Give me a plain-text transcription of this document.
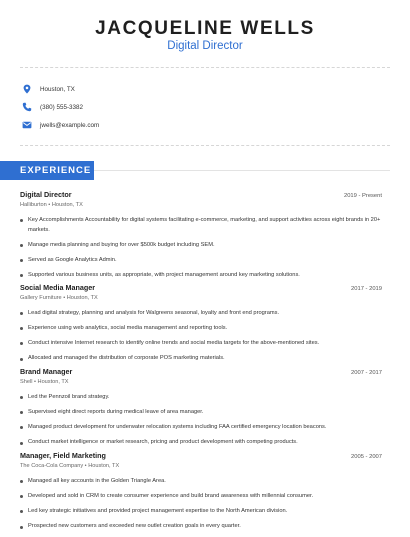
JACQUELINE WELLS
Digital Director
Houston, TX
(380) 555-3382
jwells@example.com
EXPERIENCE
Digital Director	2019 - Present
Halliburton • Houston, TX
Key Accomplishments Accountability for digital systems facilitating e-commerce, marketing, and support activities across eight brands in 20+ markets.
Manage media planning and buying for over $500k budget including SEM.
Served as Google Analytics Admin.
Supported various business units, as appropriate, with project management around key marketing solutions.
Social Media Manager	2017 - 2019
Gallery Furniture • Houston, TX
Lead digital strategy, planning and analysis for Walgreens seasonal, loyalty and front end programs.
Experience using web analytics, social media management and reporting tools.
Conduct intensive Internet research to identify online trends and social media targets for the above-mentioned sites.
Allocated and managed the distribution of corporate POS marketing materials.
Brand Manager	2007 - 2017
Shell • Houston, TX
Led the Pennzoil brand strategy.
Supervised eight direct reports during medical leave of area manager.
Managed product development for underwater relocation systems including FAA certified emergency location beacons.
Conduct market intelligence or market research, pricing and product development with competing products.
Manager, Field Marketing	2005 - 2007
The Coca-Cola Company • Houston, TX
Managed all key accounts in the Golden Triangle Area.
Developed and sold in CRM to create consumer experience and build brand awareness with millennial consumer.
Led key strategic initiatives and provided project management expertise to the North American division.
Prospected new customers and exceeded new outlet creation goals in every quarter.
